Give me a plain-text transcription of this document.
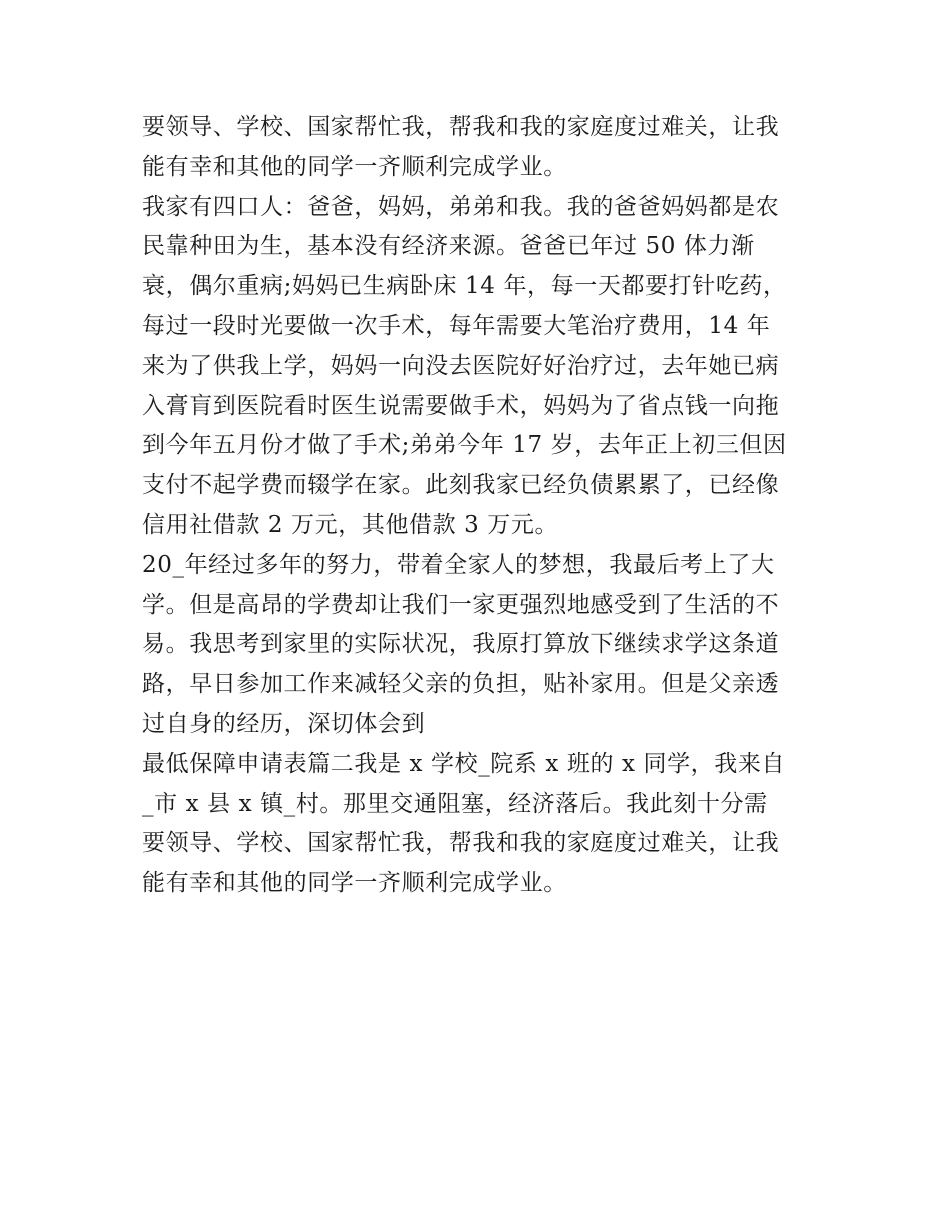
要领导、学校、国家帮忙我，帮我和我的家庭度过难关，让我
能有幸和其他的同学一齐顺利完成学业。
我家有四口人：爸爸，妈妈，弟弟和我。我的爸爸妈妈都是农
民靠种田为生，基本没有经济来源。爸爸已年过 50 体力渐
衰，偶尔重病;妈妈已生病卧床 14 年，每一天都要打针吃药，
每过一段时光要做一次手术，每年需要大笔治疗费用，14 年
来为了供我上学，妈妈一向没去医院好好治疗过，去年她已病
入膏肓到医院看时医生说需要做手术，妈妈为了省点钱一向拖
到今年五月份才做了手术;弟弟今年 17 岁，去年正上初三但因
支付不起学费而辍学在家。此刻我家已经负债累累了，已经像
信用社借款 2 万元，其他借款 3 万元。
20_年经过多年的努力，带着全家人的梦想，我最后考上了大
学。但是高昂的学费却让我们一家更强烈地感受到了生活的不
易。我思考到家里的实际状况，我原打算放下继续求学这条道
路，早日参加工作来减轻父亲的负担，贴补家用。但是父亲透
过自身的经历，深切体会到
最低保障申请表篇二我是 x 学校_院系 x 班的 x 同学，我来自
_市 x 县 x 镇_村。那里交通阻塞，经济落后。我此刻十分需
要领导、学校、国家帮忙我，帮我和我的家庭度过难关，让我
能有幸和其他的同学一齐顺利完成学业。
